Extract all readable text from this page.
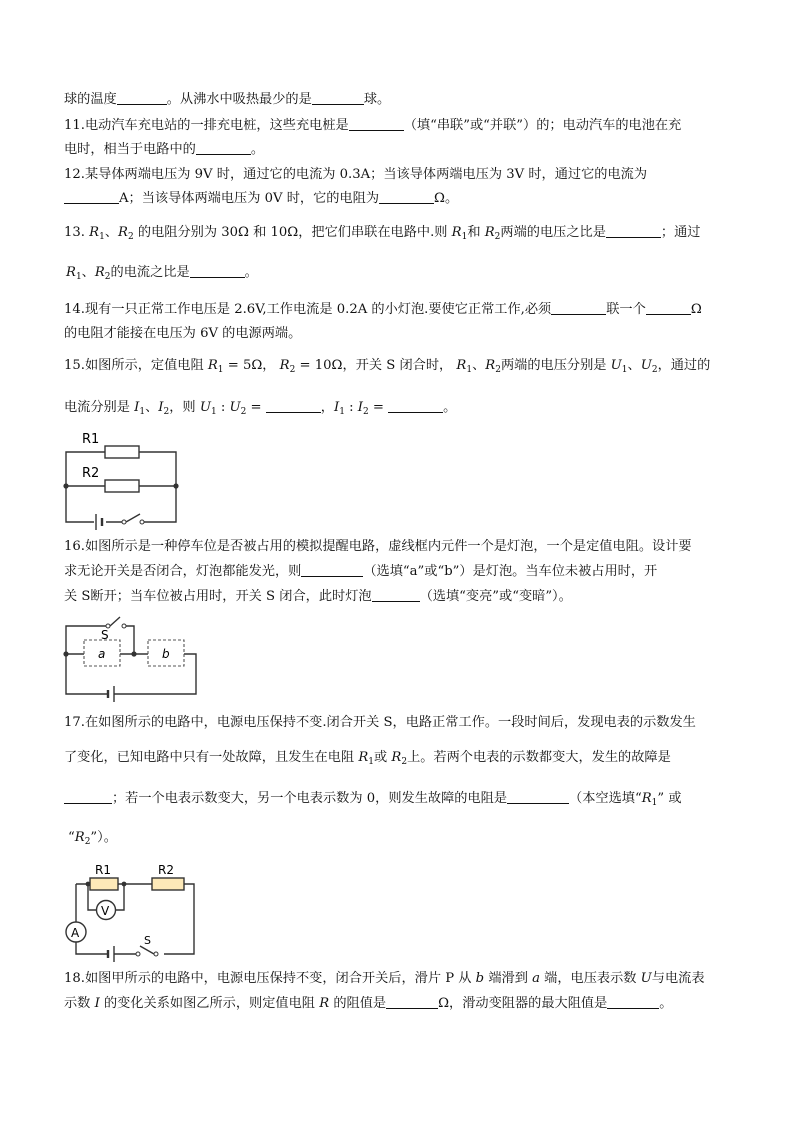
球的温度	。从沸水中吸热最少的是	球。
11.电动汽车充电站的一排充电桩，这些充电桩是	（填“串联”或“并联”）的；电动汽车的电池在充
电时，相当于电路中的	。
12.某导体两端电压为 9V 时，通过它的电流为 0.3A；当该导体两端电压为 3V 时，通过它的电流为
A；当该导体两端电压为 0V 时，它的电阻为	Ω。
13. $R_1$、$R_2$ 的电阻分别为 30Ω 和 10Ω，把它们串联在电路中.则 $R_1$和 $R_2$两端的电压之比是	；通过
$R_1$、$R_2$的电流之比是	。
14.现有一只正常工作电压是 2.6V,工作电流是 0.2A 的小灯泡.要使它正常工作,必须	联一个	Ω
的电阻才能接在电压为 6V 的电源两端。
15.如图所示，定值电阻 $R_1 = 5\Omega$， $R_2 = 10\Omega$，开关 S 闭合时， $R_1$、$R_2$两端的电压分别是 $U_1$、$U_2$，通过的
电流分别是 $I_1$、$I_2$，则 $U_1$ : $U_2$ =	，$I_1$ : $I_2$ =	。
R1
R2
16.如图所示是一种停车位是否被占用的模拟提醒电路，虚线框内元件一个是灯泡，一个是定值电阻。设计要
求无论开关是否闭合，灯泡都能发光，则	（选填“a”或“b”）是灯泡。当车位未被占用时，开
关 S断开；当车位被占用时，开关 S 闭合，此时灯泡	（选填“变亮”或“变暗”）。
S
a	b
17.在如图所示的电路中，电源电压保持不变.闭合开关 S，电路正常工作。一段时间后，发现电表的示数发生
了变化，已知电路中只有一处故障，且发生在电阻 $R_1$或 $R_2$上。若两个电表的示数都变大，发生的故障是
；若一个电表示数变大，另一个电表示数为 0，则发生故障的电阻是	（本空选填“$R_1$” 或
“$R_2$”）。
R1	R2
V
A
S
18.如图甲所示的电路中，电源电压保持不变，闭合开关后，滑片 P 从 b 端滑到 a 端，电压表示数 U与电流表
示数 I 的变化关系如图乙所示，则定值电阻 R 的阻值是	Ω，滑动变阻器的最大阻值是	。
